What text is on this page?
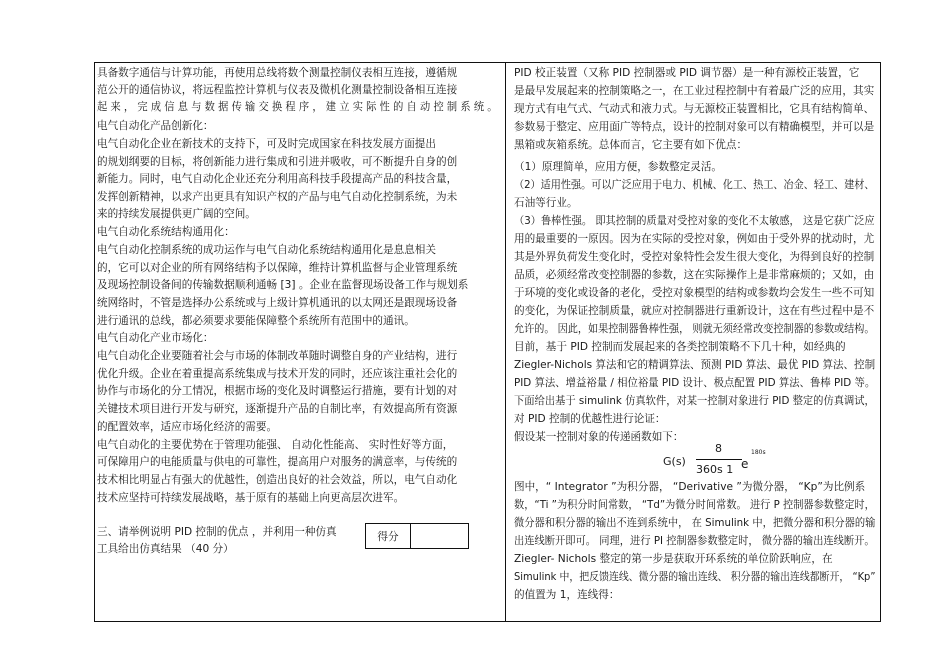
具备数字通信与计算功能，再使用总线将数个测量控制仪表相互连接，遵循规
范公开的通信协议，将远程监控计算机与仪表及微机化测量控制设备相互连接
起 来 ， 完 成 信 息 与 数 据 传 输 交 换 程 序 ， 建 立 实 际 性 的 自 动 控 制 系 统 。
电气自动化产品创新化：
电气自动化企业在新技术的支持下，可及时完成国家在科技发展方面提出
的规划纲要的目标，将创新能力进行集成和引进并吸收，可不断提升自身的创
新能力。同时，电气自动化企业还充分利用高科技手段提高产品的科技含量，
发挥创新精神，以求产出更具有知识产权的产品与电气自动化控制系统，为未
来的持续发展提供更广阔的空间。
电气自动化系统结构通用化：
电气自动化控制系统的成功运作与电气自动化系统结构通用化是息息相关
的，它可以对企业的所有网络结构予以保障，维持计算机监督与企业管理系统
及现场控制设备间的传输数据顺利通畅 [3] 。企业在监督现场设备工作与规划系
统网络时，不管是选择办公系统或与上级计算机通讯的以太网还是跟现场设备
进行通讯的总线，都必须要求要能保障整个系统所有范围中的通讯。
电气自动化产业市场化：
电气自动化企业要随着社会与市场的体制改革随时调整自身的产业结构，进行
优化升级。企业在着重提高系统集成与技术开发的同时，还应该注重社会化的
协作与市场化的分工情况，根据市场的变化及时调整运行措施，要有计划的对
关键技术项目进行开发与研究，逐渐提升产品的自制比率，有效提高所有资源
的配置效率，适应市场化经济的需要。
电气自动化的主要优势在于管理功能强、 自动化性能高、 实时性好等方面，
可保障用户的电能质量与供电的可靠性，提高用户对服务的满意率，与传统的
技术相比明显占有强大的优越性，创造出良好的社会效益，所以，电气自动化
技术应坚持可持续发展战略，基于原有的基础上向更高层次进军。
三、请举例说明 PID 控制的优点 ，并利用一种仿真
工具给出仿真结果 （40 分）
得分
PID 校正装置（又称 PID 控制器或 PID 调节器）是一种有源校正装置，它
是最早发展起来的控制策略之一，在工业过程控制中有着最广泛的应用，其实
现方式有电气式、气动式和液力式。与无源校正装置相比，它具有结构简单、
参数易于整定、应用面广等特点，设计的控制对象可以有精确模型，并可以是
黑箱或灰箱系统。总体而言，它主要有如下优点：
（1）原理简单，应用方便，参数整定灵活。
（2）适用性强。可以广泛应用于电力、机械、化工、热工、冶金、轻工、建材、
石油等行业。
（3）鲁棒性强。 即其控制的质量对受控对象的变化不太敏感， 这是它获广泛应
用的最重要的一原因。因为在实际的受控对象，例如由于受外界的扰动时，尤
其是外界负荷发生变化时，受控对象特性会发生很大变化，为得到良好的控制
品质，必须经常改变控制器的参数，这在实际操作上是非常麻烦的；又如，由
于环境的变化或设备的老化，受控对象模型的结构或参数均会发生一些不可知
的变化，为保证控制质量，就应对控制器进行重新设计，这在有些过程中是不
允许的。 因此，如果控制器鲁棒性强， 则就无须经常改变控制器的参数或结构。
目前，基于 PID 控制而发展起来的各类控制策略不下几十种，如经典的
Ziegler-Nichols 算法和它的精调算法、预测 PID 算法、最优 PID 算法、控制
PID 算法、增益裕量 / 相位裕量 PID 设计、极点配置 PID 算法、鲁棒 PID 等。
下面给出基于 simulink 仿真软件，对某一控制对象进行 PID 整定的仿真调试，
对 PID 控制的优越性进行论证：
假设某一控制对象的传递函数如下：
G(s)
8
360s 1 e
180s
图中，“ Integrator ”为积分器， “Derivative ”为微分器， “Kp”为比例系
数，“Ti ”为积分时间常数， “Td”为微分时间常数。 进行 P 控制器参数整定时，
微分器和积分器的输出不连到系统中， 在 Simulink 中，把微分器和积分器的输
出连线断开即可。 同理，进行 PI 控制器参数整定时， 微分器的输出连线断开。
Ziegler- Nichols 整定的第一步是获取开环系统的单位阶跃响应，在
Simulink 中，把反馈连线、微分器的输出连线、 积分器的输出连线都断开， “Kp”
的值置为 1，连线得：
